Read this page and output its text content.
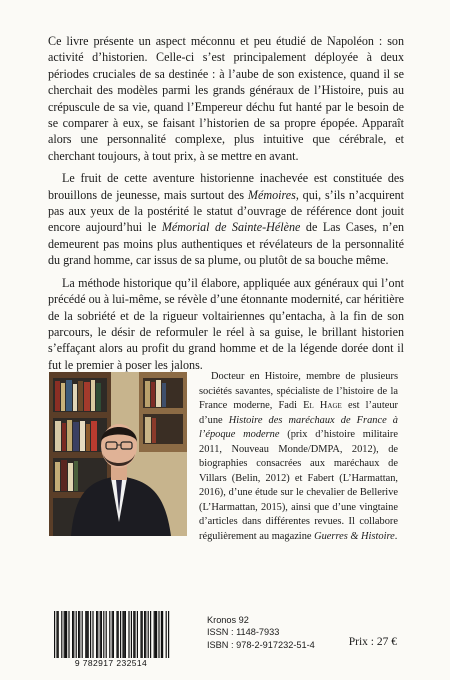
Ce livre présente un aspect méconnu et peu étudié de Napoléon : son activité d’historien. Celle-ci s’est principalement déployée à deux périodes cruciales de sa destinée : à l’aube de son existence, quand il se cherchait des modèles parmi les grands généraux de l’Histoire, puis au crépuscule de sa vie, quand l’Empereur déchu fut hanté par le besoin de se comparer à eux, se faisant l’historien de sa propre épopée. Apparaît alors une personnalité complexe, plus intuitive que cérébrale, et cherchant toujours, à tout prix, à se mettre en avant.

Le fruit de cette aventure historienne inachevée est constituée des brouillons de jeunesse, mais surtout des Mémoires, qui, s’ils n’acquirent pas aux yeux de la postérité le statut d’ouvrage de référence dont jouit encore aujourd’hui le Mémorial de Sainte-Hélène de Las Cases, n’en demeurent pas moins plus authentiques et révélateurs de la personnalité du grand homme, car issus de sa plume, ou plutôt de sa bouche même.

La méthode historique qu’il élabore, appliquée aux généraux qui l’ont précédé ou à lui-même, se révèle d’une étonnante modernité, car héritière de la sobriété et de la rigueur voltairiennes qu’entacha, à la fin de son parcours, le désir de reformuler le réel à sa guise, le brillant historien s’effaçant alors au profit du grand homme et de la légende dorée dont il fut le premier à poser les jalons.

Docteur en Histoire, membre de plusieurs sociétés savantes, spécialiste de l’histoire de la France moderne, Fadi El Hage est l’auteur d’une Histoire des maréchaux de France à l’époque moderne (prix d’histoire militaire 2011, Nouveau Monde/DMPA, 2012), de biographies consacrées aux maréchaux de Villars (Belin, 2012) et Fabert (L’Harmattan, 2016), d’une étude sur le chevalier de Bellerive (L’Harmattan, 2015), ainsi que d’une vingtaine d’articles dans différentes revues. Il collabore régulièrement au magazine Guerres & Histoire.

9 782917 232514
Kronos 92
ISSN : 1148-7933
ISBN : 978-2-917232-51-4	Prix : 27 €
